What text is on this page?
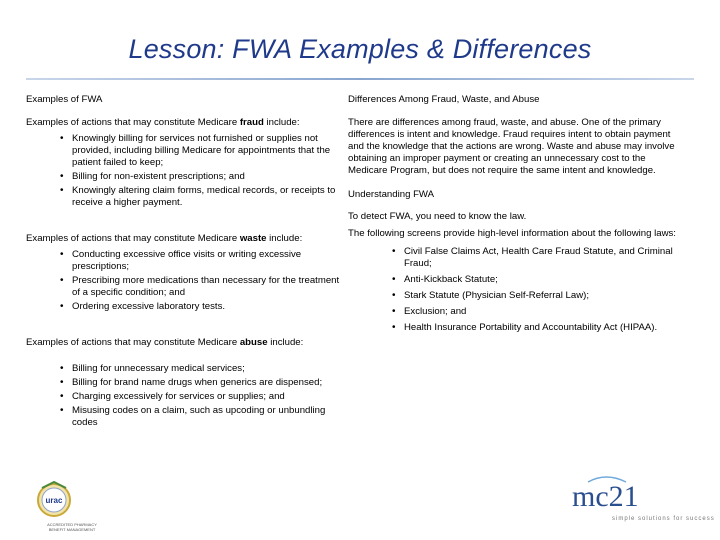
Lesson: FWA Examples & Differences

Examples of FWA

Examples of actions that may constitute Medicare fraud include:

• Knowingly billing for services not furnished or supplies not provided, including billing Medicare for appointments that the patient failed to keep;
• Billing for non-existent prescriptions; and
• Knowingly altering claim forms, medical records, or receipts to receive a higher payment.

Examples of actions that may constitute Medicare waste include:

• Conducting excessive office visits or writing excessive prescriptions;
• Prescribing more medications than necessary for the treatment of a specific condition; and
• Ordering excessive laboratory tests.

Examples of actions that may constitute Medicare abuse include:

• Billing for unnecessary medical services;
• Billing for brand name drugs when generics are dispensed;
• Charging excessively for services or supplies; and
• Misusing codes on a claim, such as upcoding or unbundling codes

Differences Among Fraud, Waste, and Abuse

There are differences among fraud, waste, and abuse. One of the primary differences is intent and knowledge. Fraud requires intent to obtain payment and the knowledge that the actions are wrong. Waste and abuse may involve obtaining an improper payment or creating an unnecessary cost to the Medicare Program, but does not require the same intent and knowledge.

Understanding FWA

To detect FWA, you need to know the law.

The following screens provide high-level information about the following laws:

• Civil False Claims Act, Health Care Fraud Statute, and Criminal Fraud;
• Anti-Kickback Statute;
• Stark Statute (Physician Self-Referral Law);
• Exclusion; and
• Health Insurance Portability and Accountability Act (HIPAA).
urac
ACCREDITED PHARMACY BENEFIT MANAGEMENT
mc21
simple solutions for success
